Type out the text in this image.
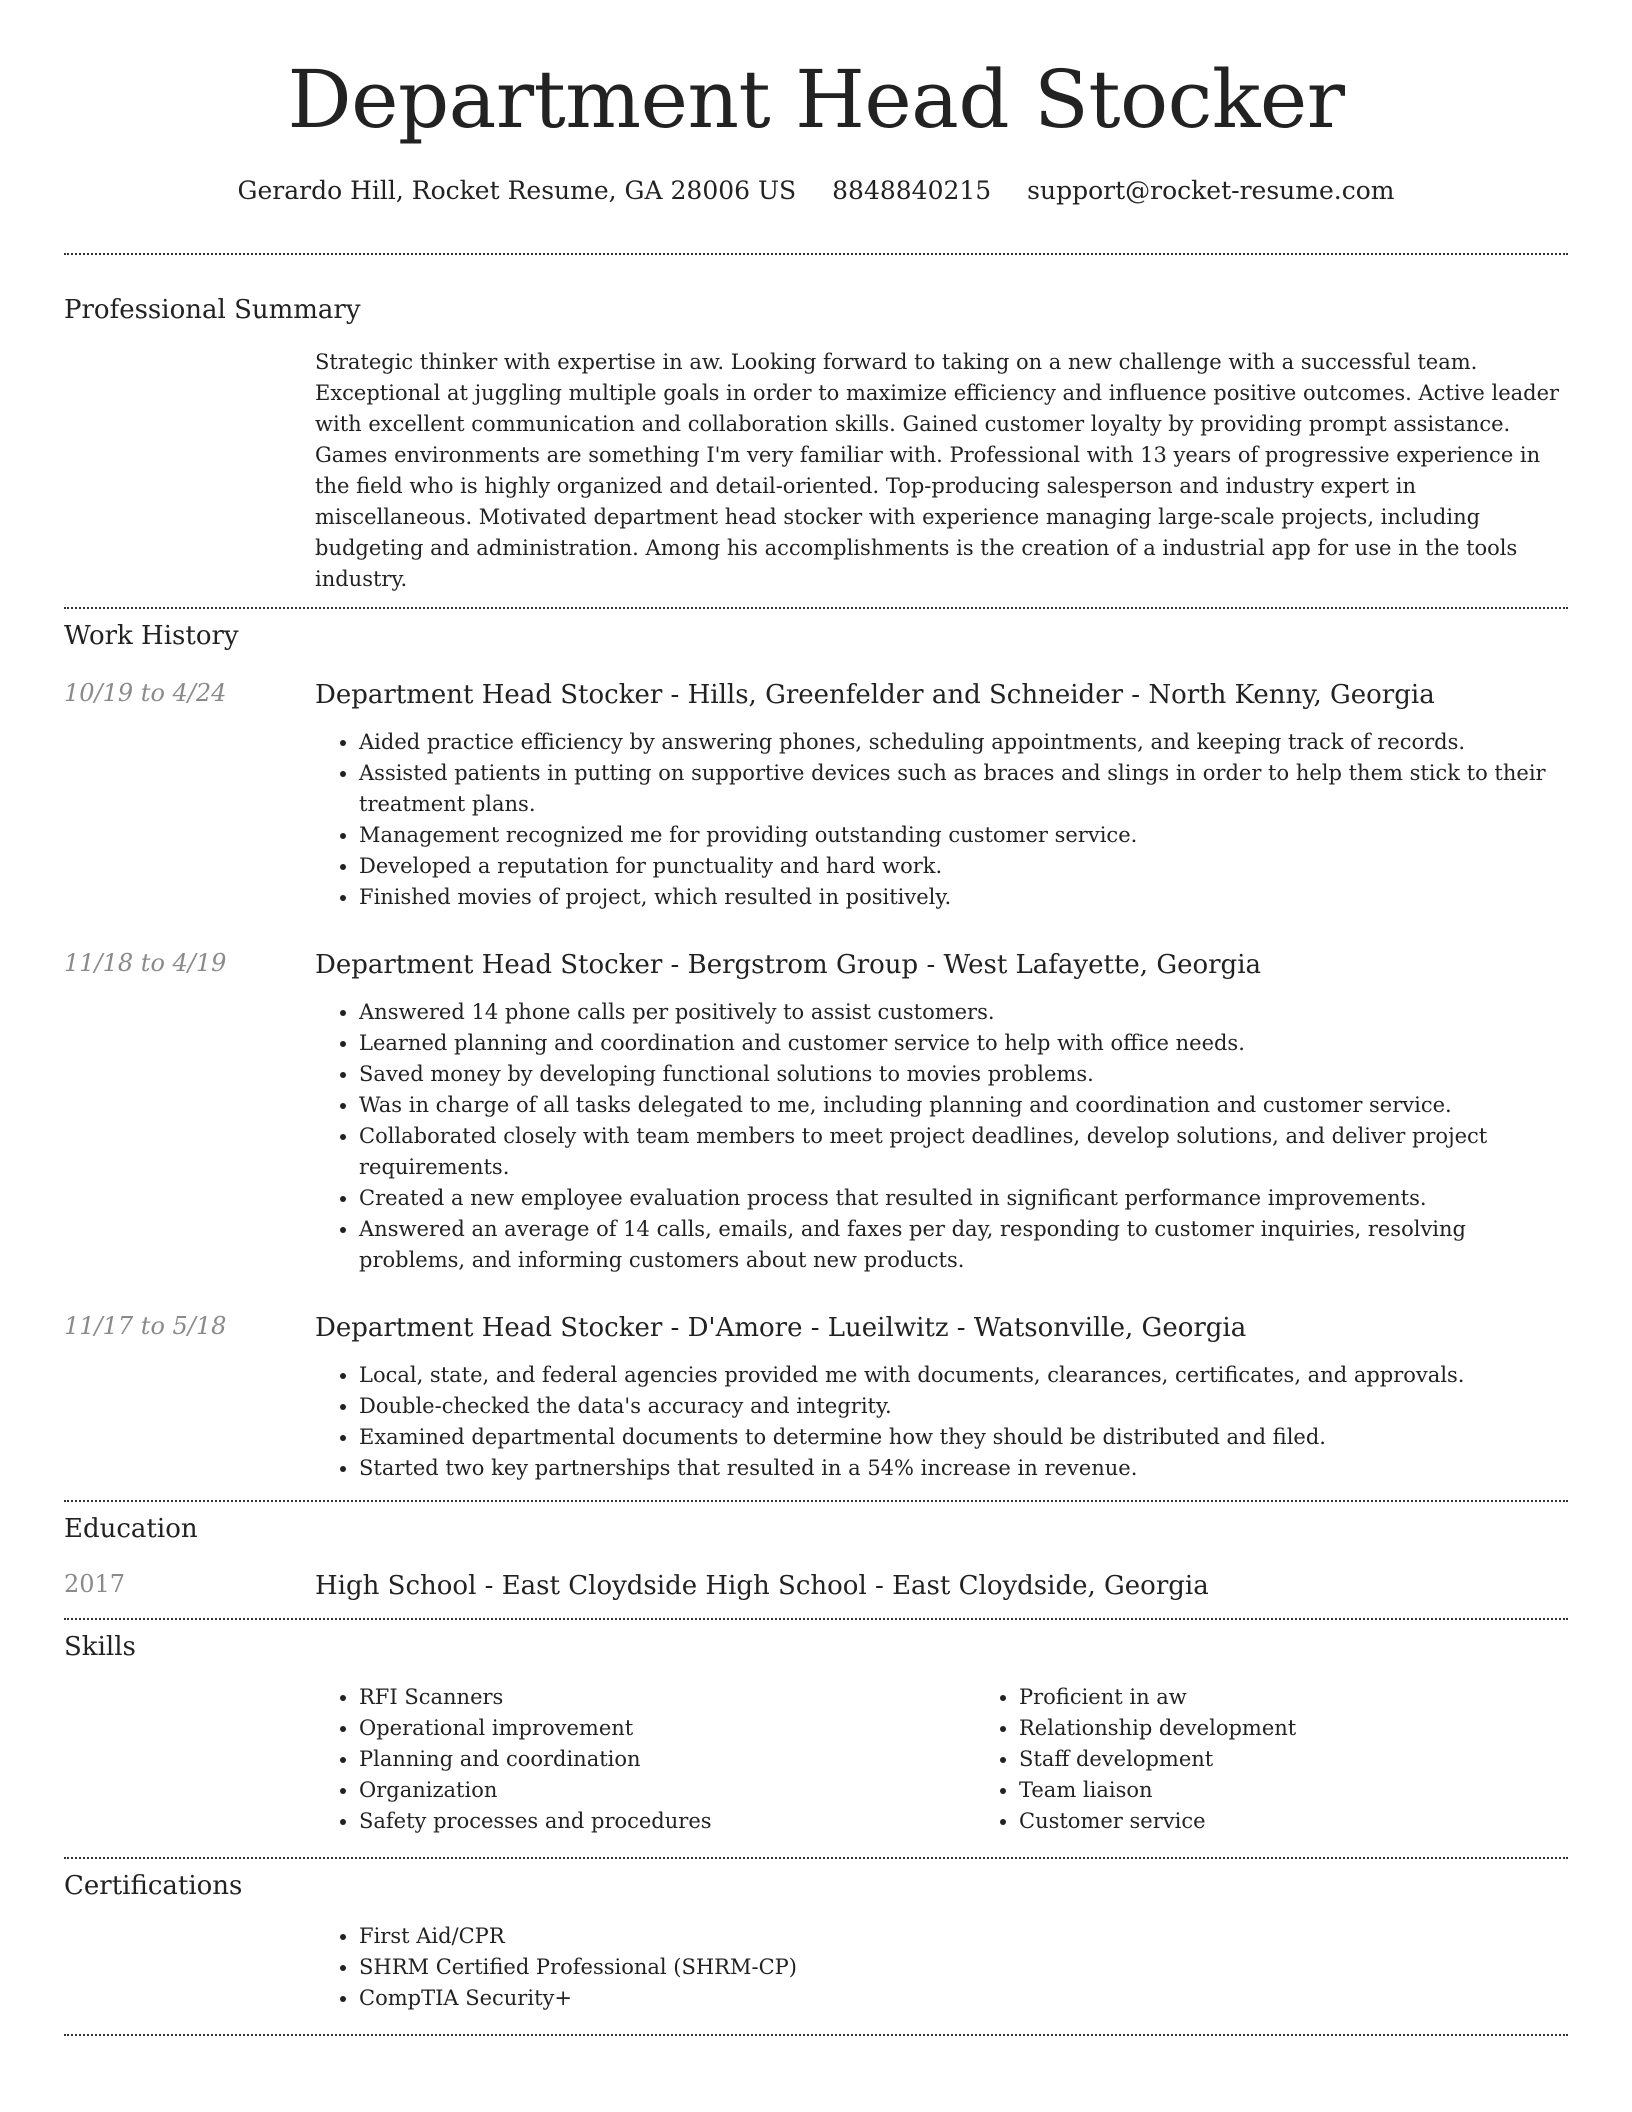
Department Head Stocker
Gerardo Hill, Rocket Resume, GA 28006 US 8848840215 support@rocket-resume.com
Professional Summary
Strategic thinker with expertise in aw. Looking forward to taking on a new challenge with a successful team. Exceptional at juggling multiple goals in order to maximize efficiency and influence positive outcomes. Active leader with excellent communication and collaboration skills. Gained customer loyalty by providing prompt assistance. Games environments are something I'm very familiar with. Professional with 13 years of progressive experience in the field who is highly organized and detail-oriented. Top-producing salesperson and industry expert in miscellaneous. Motivated department head stocker with experience managing large-scale projects, including budgeting and administration. Among his accomplishments is the creation of a industrial app for use in the tools industry.
Work History
10/19 to 4/24	Department Head Stocker - Hills, Greenfelder and Schneider - North Kenny, Georgia
• Aided practice efficiency by answering phones, scheduling appointments, and keeping track of records.
• Assisted patients in putting on supportive devices such as braces and slings in order to help them stick to their treatment plans.
• Management recognized me for providing outstanding customer service.
• Developed a reputation for punctuality and hard work.
• Finished movies of project, which resulted in positively.
11/18 to 4/19	Department Head Stocker - Bergstrom Group - West Lafayette, Georgia
• Answered 14 phone calls per positively to assist customers.
• Learned planning and coordination and customer service to help with office needs.
• Saved money by developing functional solutions to movies problems.
• Was in charge of all tasks delegated to me, including planning and coordination and customer service.
• Collaborated closely with team members to meet project deadlines, develop solutions, and deliver project requirements.
• Created a new employee evaluation process that resulted in significant performance improvements.
• Answered an average of 14 calls, emails, and faxes per day, responding to customer inquiries, resolving problems, and informing customers about new products.
11/17 to 5/18	Department Head Stocker - D'Amore - Lueilwitz - Watsonville, Georgia
• Local, state, and federal agencies provided me with documents, clearances, certificates, and approvals.
• Double-checked the data's accuracy and integrity.
• Examined departmental documents to determine how they should be distributed and filed.
• Started two key partnerships that resulted in a 54% increase in revenue.
Education
2017	High School - East Cloydside High School - East Cloydside, Georgia
Skills
• RFI Scanners
• Operational improvement
• Planning and coordination
• Organization
• Safety processes and procedures
• Proficient in aw
• Relationship development
• Staff development
• Team liaison
• Customer service
Certifications
• First Aid/CPR
• SHRM Certified Professional (SHRM-CP)
• CompTIA Security+
